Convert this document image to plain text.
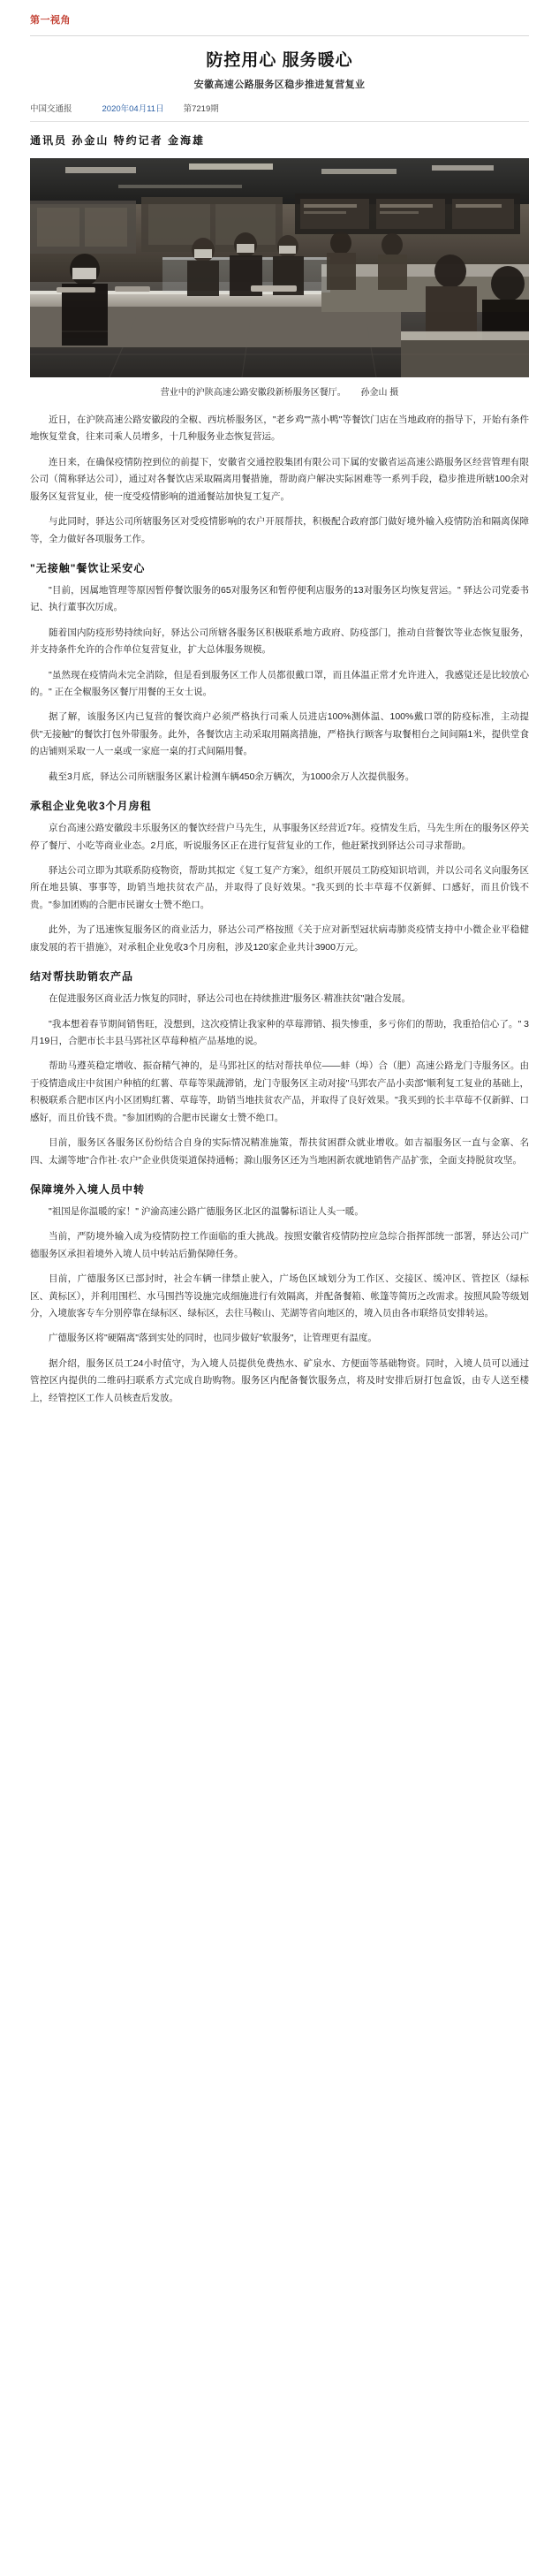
第一视角
防控用心 服务暖心
安徽高速公路服务区稳步推进复营复业
中国交通报	2020年04月11日 第7219期
通讯员 孙金山 特约记者 金海雄
营业中的沪陕高速公路安徽段新桥服务区餐厅。 孙金山 摄

近日，在沪陕高速公路安徽段的全椒、西坑桥服务区，"老乡鸡""蒸小鸭"等餐饮门店在当地政府的指导下，开始有条件地恢复堂食，往来司乘人员增多，十几种服务业态恢复营运。

连日来，在确保疫情防控到位的前提下，安徽省交通控股集团有限公司下属的安徽省运高速公路服务区经营管理有限公司（简称驿达公司），通过对各餐饮店采取隔离用餐措施，帮助商户解决实际困难等一系列手段，稳步推进所辖100余对服务区复营复业，使一度受疫情影响的道通餐站加快复工复产。

与此同时，驿达公司所辖服务区对受疫情影响的农户开展帮扶，积极配合政府部门做好境外输入疫情防治和隔离保障等，全力做好各项服务工作。

"无接触"餐饮让采安心

"目前，因属地管理等原因暂停餐饮服务的65对服务区和暂停便利店服务的13对服务区均恢复营运。" 驿达公司党委书记、执行董事次厉成。

随着国内防疫形势持续向好，驿达公司所辖各服务区积极联系地方政府、防疫部门，推动自营餐饮等业态恢复服务，并支持条件允许的合作单位复营复业，扩大总体服务规模。

"虽然现在疫情尚未完全消除，但是看到服务区工作人员都很戴口罩，而且体温正常才允许进入，我感觉还是比较放心的。" 正在全椒服务区餐厅用餐的王女士说。

据了解，该服务区内已复营的餐饮商户必须严格执行司乘人员进店100%测体温、100%戴口罩的防疫标准，主动提供"无接触"的餐饮打包外带服务。此外，各餐饮店主动采取用隔离措施，严格执行顾客与取餐相台之间间隔1米，提供堂食的店铺则采取一人一桌或一家庭一桌的打式间隔用餐。

截至3月底，驿达公司所辖服务区累计检测车辆450余万辆次，为1000余万人次提供服务。

承租企业免收3个月房租

京台高速公路安徽段丰乐服务区的餐饮经营户马先生，从事服务区经营近7年。疫情发生后，马先生所在的服务区停关停了餐厅、小吃等商业业态。2月底，听说服务区正在进行复营复业的工作，他赶紧找到驿达公司寻求帮助。

驿达公司立即为其联系防疫物资，帮助其拟定《复工复产方案》，组织开展员工防疫知识培训，并以公司名义向服务区所在地县镇、事事等，助销当地扶贫农产品，并取得了良好效果。"我买到的长丰草莓不仅新鲜、口感好，而且价钱不贵。"参加团购的合肥市民谢女士赞不绝口。

此外，为了迅速恢复服务区的商业活力，驿达公司严格按照《关于应对新型冠状病毒肺炎疫情支持中小微企业平稳健康发展的若干措施》，对承租企业免收3个月房租，涉及120家企业共计3900万元。

结对帮扶助销农产品

在促进服务区商业活力恢复的同时，驿达公司也在持续推进"服务区·精准扶贫"融合发展。

"我本想着春节期间销售旺，没想到，这次疫情让我家种的草莓滞销、损失惨重，多亏你们的帮助，我重拾信心了。" 3月19日，合肥市长丰县马郢社区草莓种植产品基地的说。

帮助马遵英稳定增收、振奋精气神的，是马郢社区的结对帮扶单位——蚌（埠）合（肥）高速公路龙门寺服务区。由于疫情造成庄中贫困户种植的红薯、草莓等果蔬滞销，龙门寺服务区主动对接"马郢农产品小卖部"顺利复工复业的基础上，积极联系合肥市区内小区团购红薯、草莓等，助销当地扶贫农产品，并取得了良好效果。"我买到的长丰草莓不仅新鲜、口感好，而且价钱不贵。"参加团购的合肥市民谢女士赞不绝口。

目前，服务区各服务区份纷结合自身的实际情况精准施策，帮扶贫困群众就业增收。如吉福服务区一直与金寨、名四、太湖等地"合作社·农户"企业供货渠道保持通畅；滁山服务区还为当地困新农就地销售产品扩张，全面支持脱贫攻坚。

保障境外入境人员中转

"祖国是你温暖的家！" 沪渝高速公路广德服务区北区的温馨标语让人头一暖。

当前，严防境外输入成为疫情防控工作面临的重大挑战。按照安徽省疫情防控应急综合指挥部统一部署，驿达公司广德服务区承担着境外入境人员中转站后勤保障任务。

目前，广德服务区已部封时，社会车辆一律禁止驶入，广场色区域划分为工作区、交接区、缓冲区、管控区（绿标区、黄标区），并利用围栏、水马围挡等设施完成细施进行有效隔离，并配备餐箱、帐篷等简历之改需求。按照风险等级划分，入境旅客专车分别停靠在绿标区、绿标区，去往马鞍山、芜湖等省向地区的，境入员由各市联络员安排转运。

广德服务区将"硬隔离"落到实处的同时，也同步做好"软服务"，让管理更有温度。

据介绍，服务区员工24小时值守，为入境人员提供免费热水、矿泉水、方便面等基础物资。同时，入境人员可以通过管控区内提供的二维码扫联系方式完成自助购物。服务区内配备餐饮服务点，将及时安排后厨打包盒饭，由专人送至楼上，经管控区工作人员核查后发放。
